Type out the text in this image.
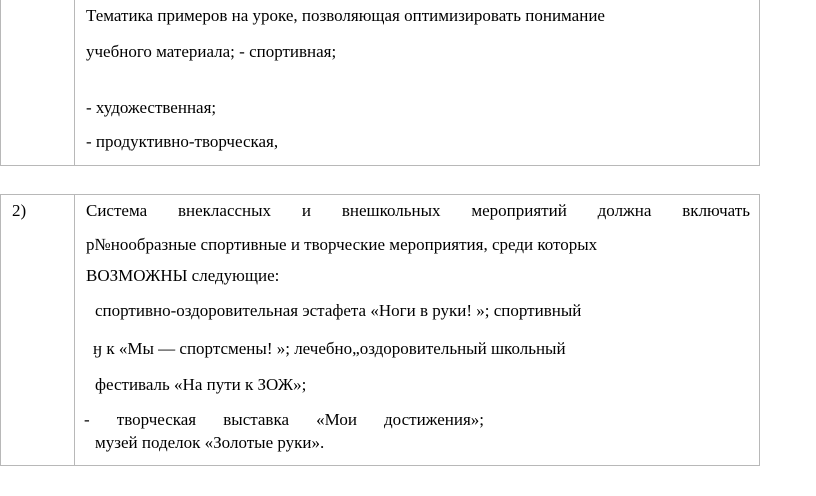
Тематика примеров на уроке, позволяющая оптимизировать понимание
учебного материала; - спортивная;
- художественная;
- продуктивно-творческая,
2)	Система внеклассных и внешкольных мероприятий должна включать
р№нообразные спортивные и творческие мероприятия, среди которых
ВОЗМОЖНЫ следующие:
спортивно-оздоровительная эстафета «Ноги в руки! »; спортивный
ӈ к «Мы — спортсмены! »; лечебно„оздоровительный школьный
фестиваль «На пути к ЗОЖ»;
- творческая выставка «Мои достижения»;
музей поделок «Золотые руки».
